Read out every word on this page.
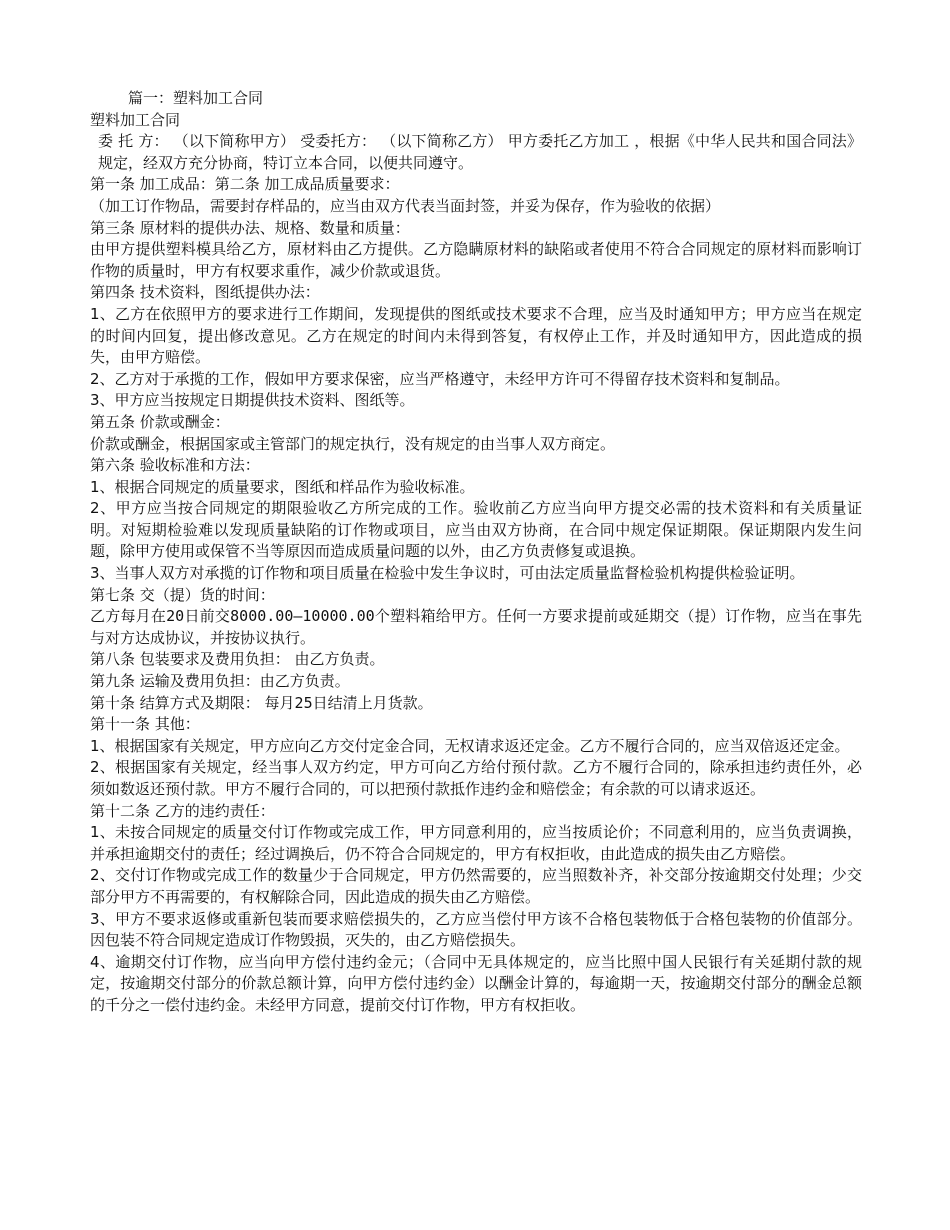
篇一：塑料加工合同

塑料加工合同

委 托 方： （以下简称甲方） 受委托方： （以下简称乙方） 甲方委托乙方加工 ，根据《中华人民共和国合同法》规定，经双方充分协商，特订立本合同，以便共同遵守。

第一条 加工成品：第二条 加工成品质量要求：

（加工订作物品，需要封存样品的，应当由双方代表当面封签，并妥为保存，作为验收的依据）

第三条 原材料的提供办法、规格、数量和质量：

由甲方提供塑料模具给乙方，原材料由乙方提供。乙方隐瞒原材料的缺陷或者使用不符合合同规定的原材料而影响订作物的质量时，甲方有权要求重作，减少价款或退货。

第四条 技术资料，图纸提供办法：

1、乙方在依照甲方的要求进行工作期间，发现提供的图纸或技术要求不合理，应当及时通知甲方；甲方应当在规定的时间内回复，提出修改意见。乙方在规定的时间内未得到答复，有权停止工作，并及时通知甲方，因此造成的损失，由甲方赔偿。

2、乙方对于承揽的工作，假如甲方要求保密，应当严格遵守，未经甲方许可不得留存技术资料和复制品。

3、甲方应当按规定日期提供技术资料、图纸等。

第五条 价款或酬金：

价款或酬金，根据国家或主管部门的规定执行，没有规定的由当事人双方商定。

第六条 验收标准和方法：

1、根据合同规定的质量要求，图纸和样品作为验收标准。

2、甲方应当按合同规定的期限验收乙方所完成的工作。验收前乙方应当向甲方提交必需的技术资料和有关质量证明。对短期检验难以发现质量缺陷的订作物或项目，应当由双方协商，在合同中规定保证期限。保证期限内发生问题，除甲方使用或保管不当等原因而造成质量问题的以外，由乙方负责修复或退换。

3、当事人双方对承揽的订作物和项目质量在检验中发生争议时，可由法定质量监督检验机构提供检验证明。

第七条 交（提）货的时间：

乙方每月在20日前交8000.00—10000.00个塑料箱给甲方。任何一方要求提前或延期交（提）订作物，应当在事先与对方达成协议，并按协议执行。

第八条 包装要求及费用负担： 由乙方负责。

第九条 运输及费用负担：由乙方负责。

第十条 结算方式及期限： 每月25日结清上月货款。

第十一条 其他：

1、根据国家有关规定，甲方应向乙方交付定金合同，无权请求返还定金。乙方不履行合同的，应当双倍返还定金。

2、根据国家有关规定，经当事人双方约定，甲方可向乙方给付预付款。乙方不履行合同的，除承担违约责任外，必须如数返还预付款。甲方不履行合同的，可以把预付款抵作违约金和赔偿金；有余款的可以请求返还。

第十二条 乙方的违约责任：

1、未按合同规定的质量交付订作物或完成工作，甲方同意利用的，应当按质论价；不同意利用的，应当负责调换，并承担逾期交付的责任；经过调换后，仍不符合合同规定的，甲方有权拒收，由此造成的损失由乙方赔偿。

2、交付订作物或完成工作的数量少于合同规定，甲方仍然需要的，应当照数补齐，补交部分按逾期交付处理；少交部分甲方不再需要的，有权解除合同，因此造成的损失由乙方赔偿。

3、甲方不要求返修或重新包装而要求赔偿损失的，乙方应当偿付甲方该不合格包装物低于合格包装物的价值部分。因包装不符合同规定造成订作物毁损，灭失的，由乙方赔偿损失。

4、逾期交付订作物，应当向甲方偿付违约金元；（合同中无具体规定的，应当比照中国人民银行有关延期付款的规定，按逾期交付部分的价款总额计算，向甲方偿付违约金）以酬金计算的，每逾期一天，按逾期交付部分的酬金总额的千分之一偿付违约金。未经甲方同意，提前交付订作物，甲方有权拒收。
